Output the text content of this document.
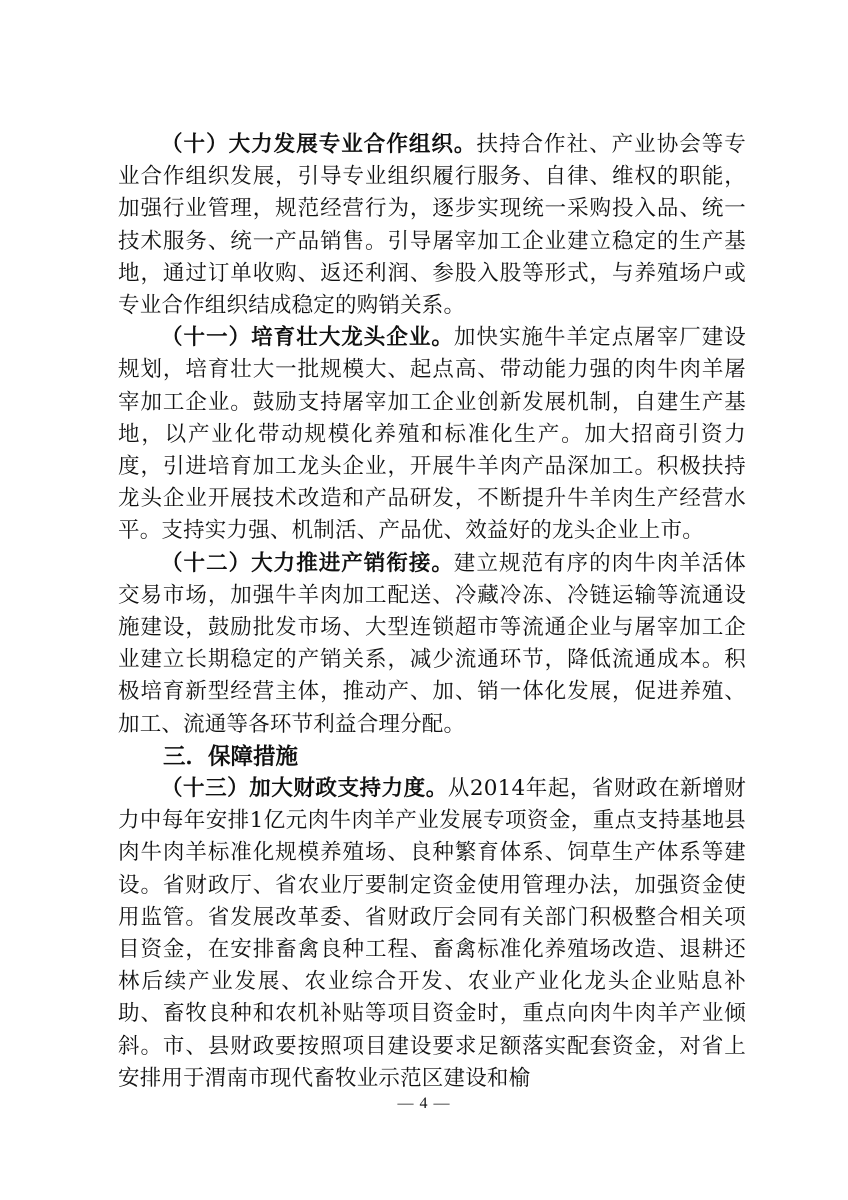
（十）大力发展专业合作组织。扶持合作社、产业协会等专业合作组织发展，引导专业组织履行服务、自律、维权的职能，加强行业管理，规范经营行为，逐步实现统一采购投入品、统一技术服务、统一产品销售。引导屠宰加工企业建立稳定的生产基地，通过订单收购、返还利润、参股入股等形式，与养殖场户或专业合作组织结成稳定的购销关系。

（十一）培育壮大龙头企业。加快实施牛羊定点屠宰厂建设规划，培育壮大一批规模大、起点高、带动能力强的肉牛肉羊屠宰加工企业。鼓励支持屠宰加工企业创新发展机制，自建生产基地，以产业化带动规模化养殖和标准化生产。加大招商引资力度，引进培育加工龙头企业，开展牛羊肉产品深加工。积极扶持龙头企业开展技术改造和产品研发，不断提升牛羊肉生产经营水平。支持实力强、机制活、产品优、效益好的龙头企业上市。

（十二）大力推进产销衔接。建立规范有序的肉牛肉羊活体交易市场，加强牛羊肉加工配送、冷藏冷冻、冷链运输等流通设施建设，鼓励批发市场、大型连锁超市等流通企业与屠宰加工企业建立长期稳定的产销关系，减少流通环节，降低流通成本。积极培育新型经营主体，推动产、加、销一体化发展，促进养殖、加工、流通等各环节利益合理分配。

三．保障措施

（十三）加大财政支持力度。从2014年起，省财政在新增财力中每年安排1亿元肉牛肉羊产业发展专项资金，重点支持基地县肉牛肉羊标准化规模养殖场、良种繁育体系、饲草生产体系等建设。省财政厅、省农业厅要制定资金使用管理办法，加强资金使用监管。省发展改革委、省财政厅会同有关部门积极整合相关项目资金，在安排畜禽良种工程、畜禽标准化养殖场改造、退耕还林后续产业发展、农业综合开发、农业产业化龙头企业贴息补助、畜牧良种和农机补贴等项目资金时，重点向肉牛肉羊产业倾斜。市、县财政要按照项目建设要求足额落实配套资金，对省上安排用于渭南市现代畜牧业示范区建设和榆

— 4 —
